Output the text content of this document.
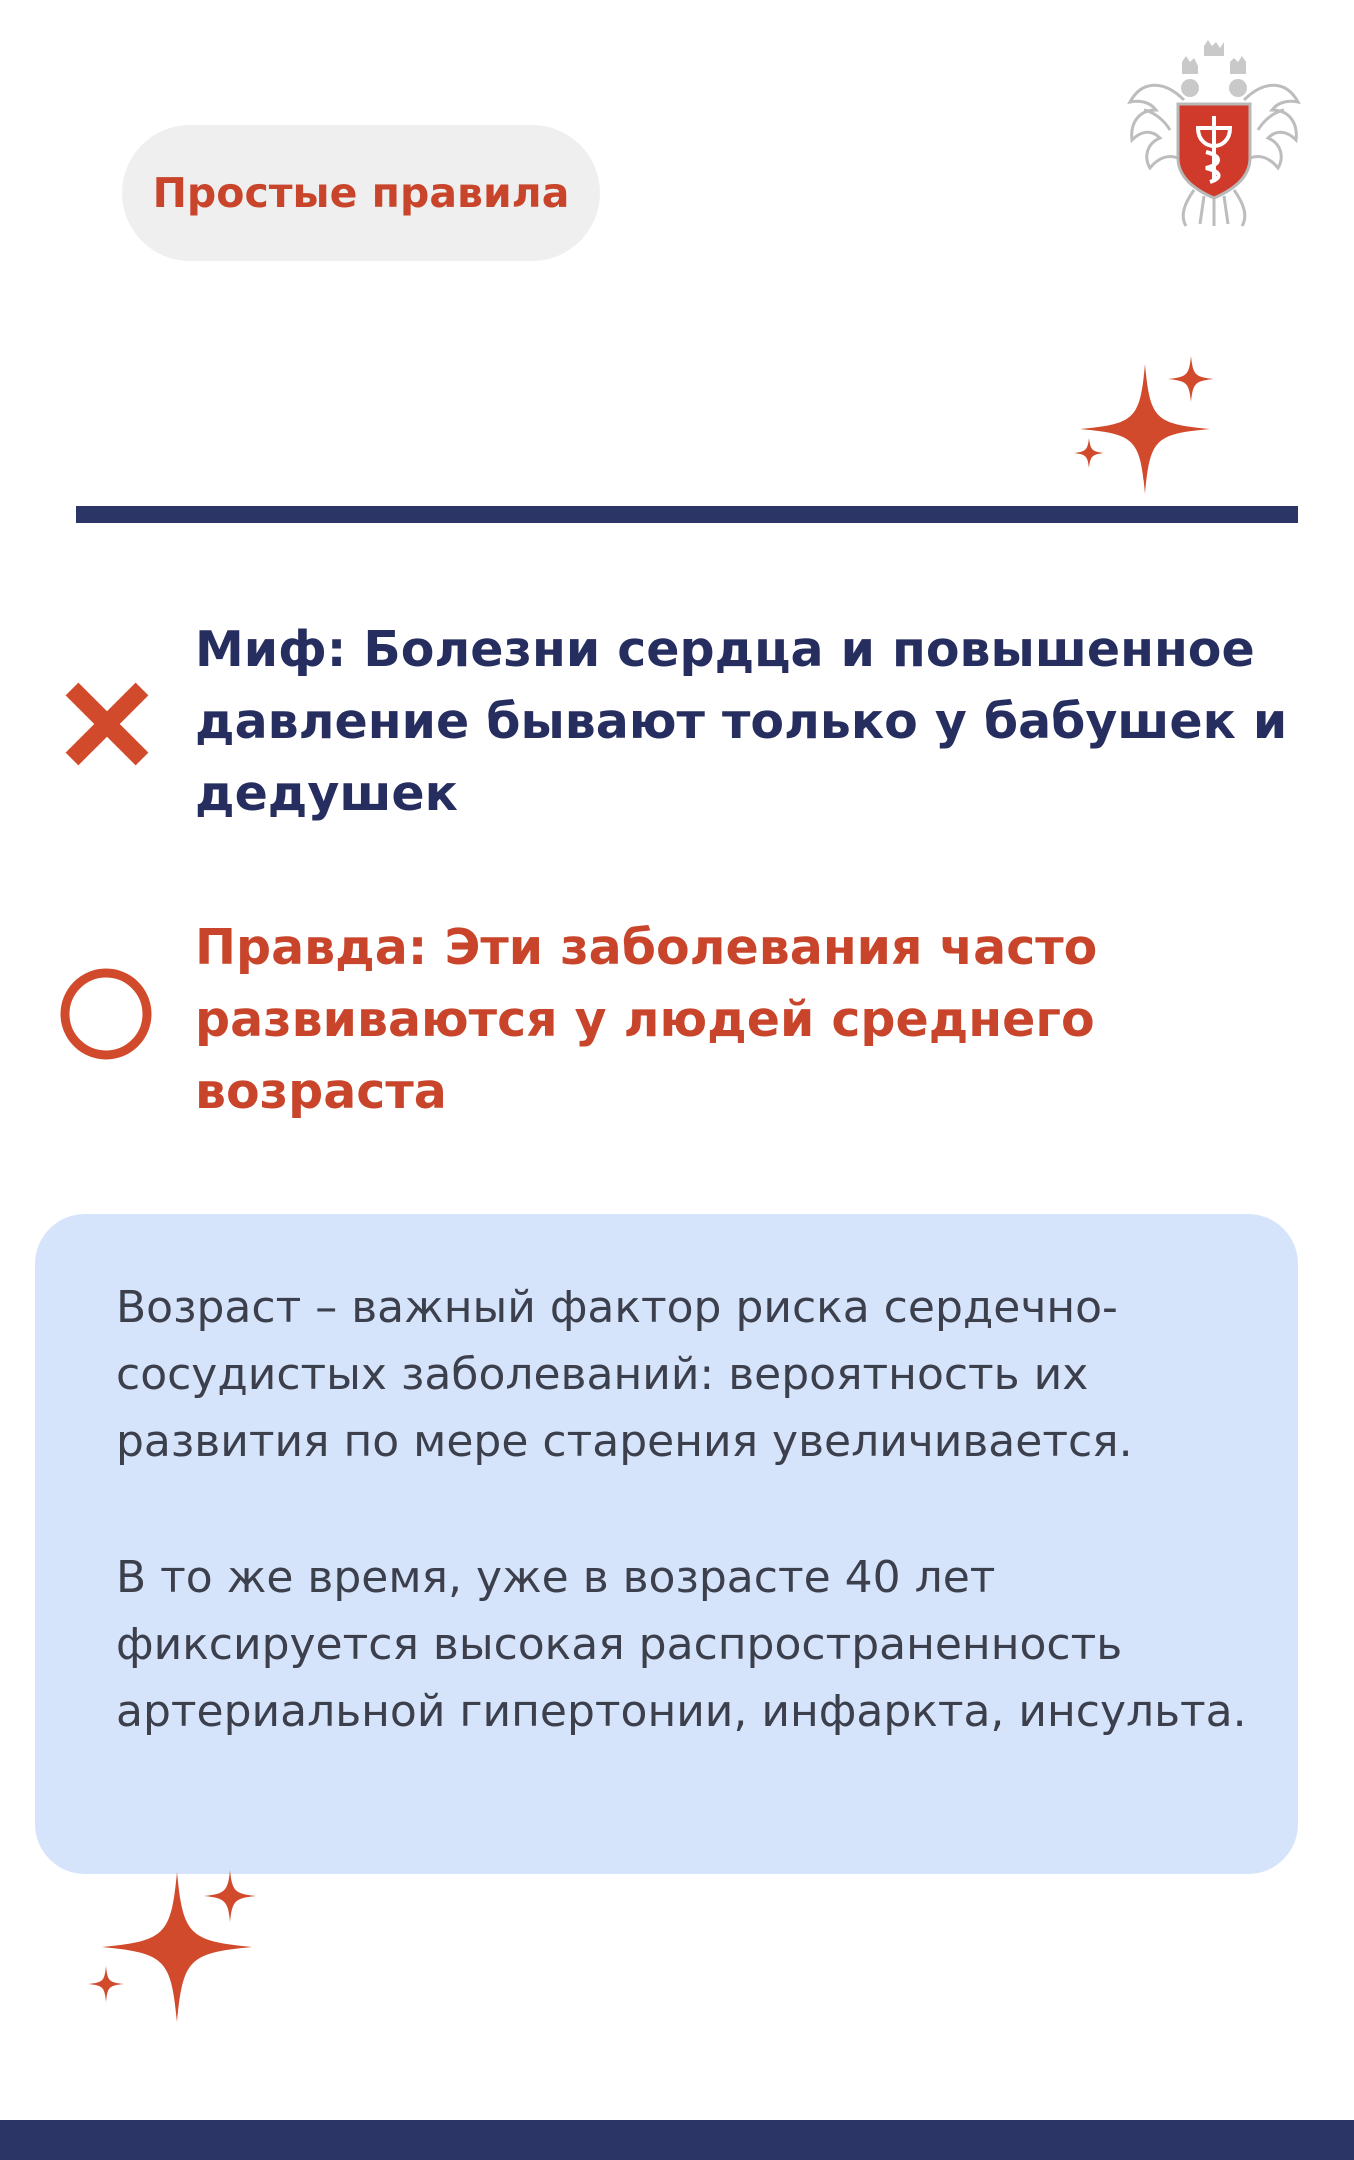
Простые правила

Миф: Болезни сердца и повышенное давление бывают только у бабушек и дедушек

Правда: Эти заболевания часто развиваются у людей среднего возраста

Возраст – важный фактор риска сердечно-сосудистых заболеваний: вероятность их развития по мере старения увеличивается.

В то же время, уже в возрасте 40 лет фиксируется высокая распространенность артериальной гипертонии, инфаркта, инсульта.
